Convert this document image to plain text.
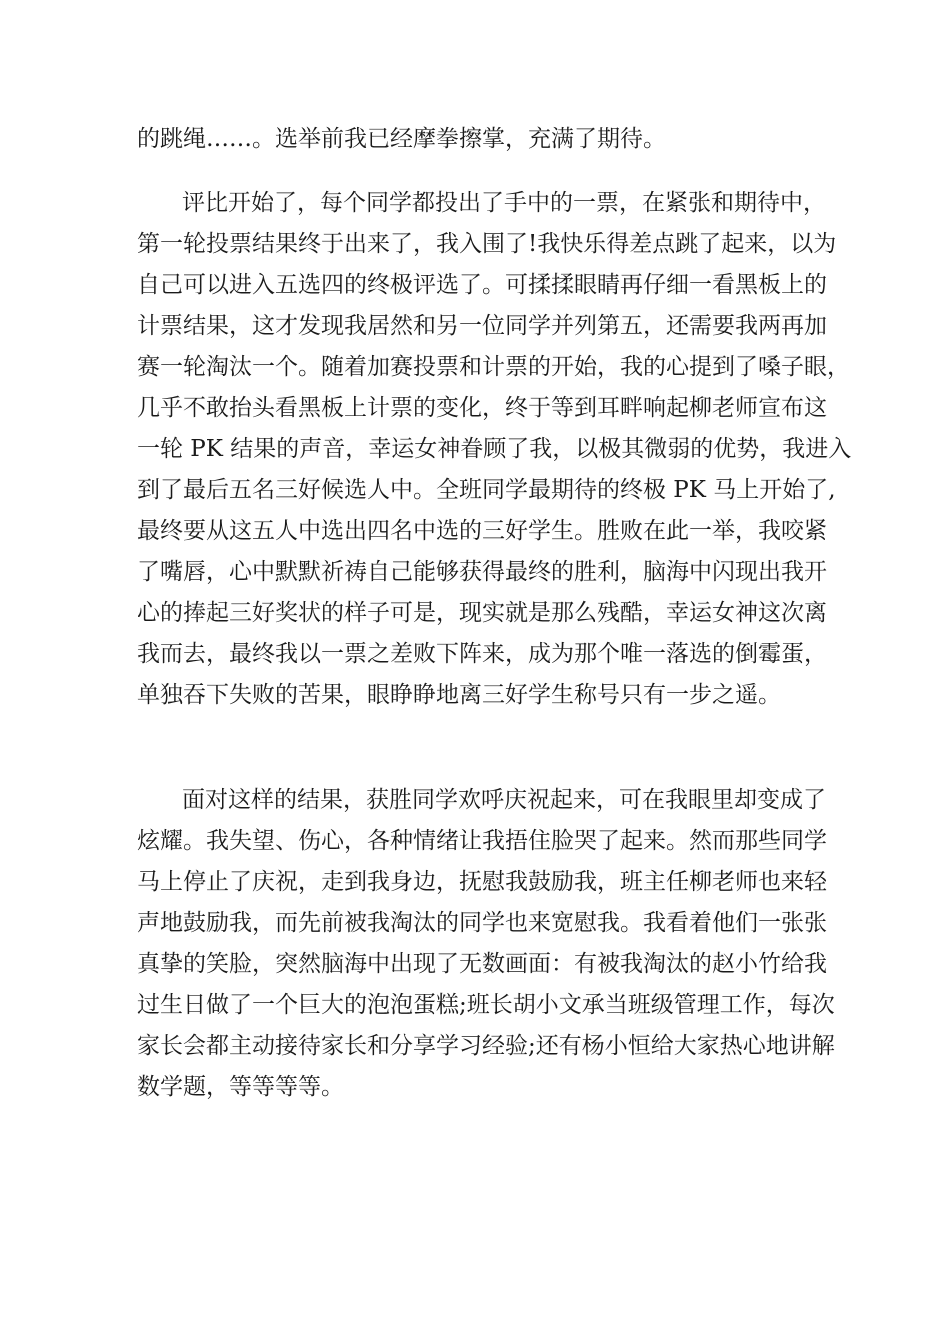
的跳绳……。选举前我已经摩拳擦掌，充满了期待。

评比开始了，每个同学都投出了手中的一票，在紧张和期待中，

第一轮投票结果终于出来了，我入围了!我快乐得差点跳了起来，以为

自己可以进入五选四的终极评选了。可揉揉眼睛再仔细一看黑板上的

计票结果，这才发现我居然和另一位同学并列第五，还需要我两再加

赛一轮淘汰一个。随着加赛投票和计票的开始，我的心提到了嗓子眼，

几乎不敢抬头看黑板上计票的变化，终于等到耳畔响起柳老师宣布这

一轮 PK 结果的声音，幸运女神眷顾了我，以极其微弱的优势，我进入

到了最后五名三好候选人中。全班同学最期待的终极 PK 马上开始了,

最终要从这五人中选出四名中选的三好学生。胜败在此一举，我咬紧

了嘴唇，心中默默祈祷自己能够获得最终的胜利，脑海中闪现出我开

心的捧起三好奖状的样子可是，现实就是那么残酷，幸运女神这次离

我而去，最终我以一票之差败下阵来，成为那个唯一落选的倒霉蛋，

单独吞下失败的苦果，眼睁睁地离三好学生称号只有一步之遥。

面对这样的结果，获胜同学欢呼庆祝起来，可在我眼里却变成了

炫耀。我失望、伤心，各种情绪让我捂住脸哭了起来。然而那些同学

马上停止了庆祝，走到我身边，抚慰我鼓励我，班主任柳老师也来轻

声地鼓励我，而先前被我淘汰的同学也来宽慰我。我看着他们一张张

真挚的笑脸，突然脑海中出现了无数画面：有被我淘汰的赵小竹给我

过生日做了一个巨大的泡泡蛋糕;班长胡小文承当班级管理工作，每次

家长会都主动接待家长和分享学习经验;还有杨小恒给大家热心地讲解

数学题，等等等等。
